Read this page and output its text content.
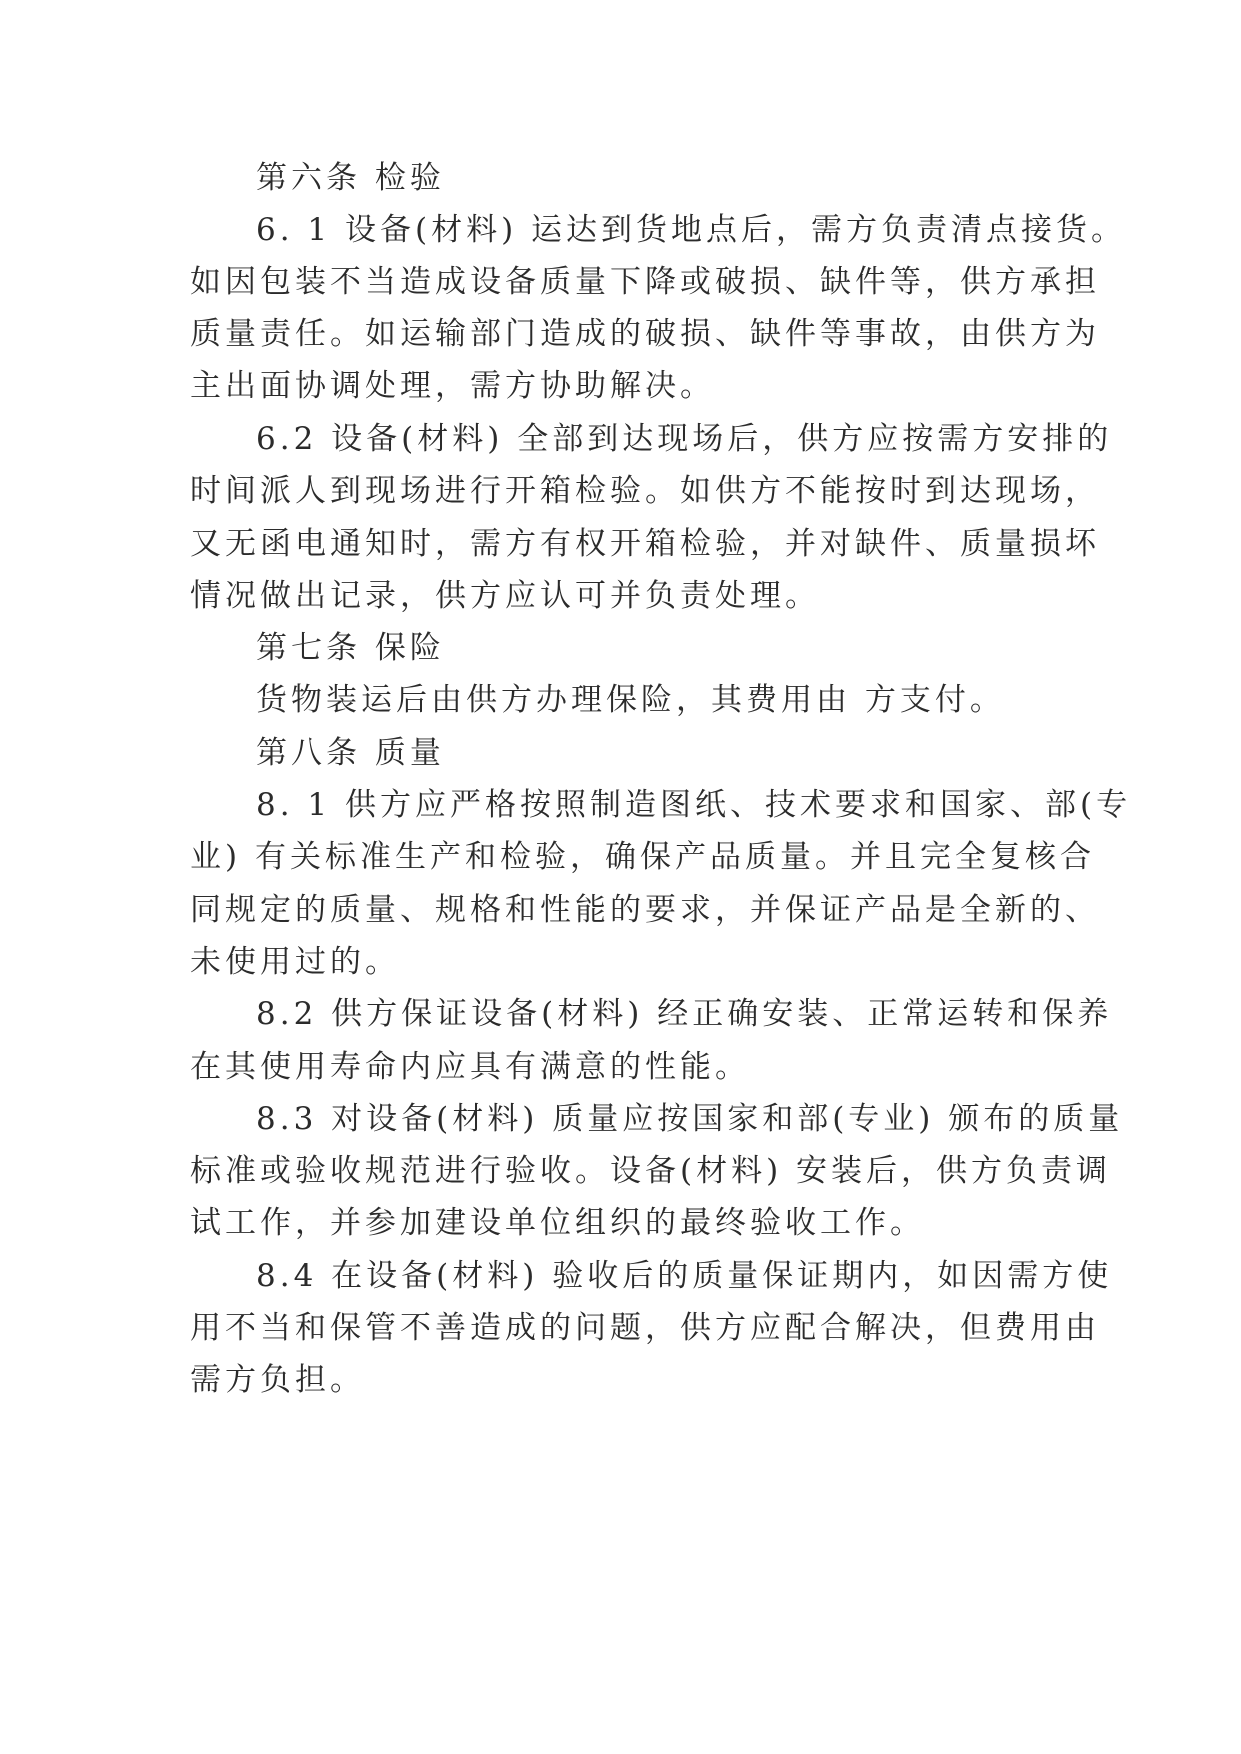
第六条 检验
6. 1 设备(材料) 运达到货地点后，需方负责清点接货。
如因包装不当造成设备质量下降或破损、缺件等，供方承担
质量责任。如运输部门造成的破损、缺件等事故，由供方为
主出面协调处理，需方协助解决。
6.2 设备(材料) 全部到达现场后，供方应按需方安排的
时间派人到现场进行开箱检验。如供方不能按时到达现场，
又无函电通知时，需方有权开箱检验，并对缺件、质量损坏
情况做出记录，供方应认可并负责处理。
第七条 保险
货物装运后由供方办理保险，其费用由 方支付。
第八条 质量
8. 1 供方应严格按照制造图纸、技术要求和国家、部(专
业) 有关标准生产和检验，确保产品质量。并且完全复核合
同规定的质量、规格和性能的要求，并保证产品是全新的、
未使用过的。
8.2 供方保证设备(材料) 经正确安装、正常运转和保养
在其使用寿命内应具有满意的性能。
8.3 对设备(材料) 质量应按国家和部(专业) 颁布的质量
标准或验收规范进行验收。设备(材料) 安装后，供方负责调
试工作，并参加建设单位组织的最终验收工作。
8.4 在设备(材料) 验收后的质量保证期内，如因需方使
用不当和保管不善造成的问题，供方应配合解决，但费用由
需方负担。
